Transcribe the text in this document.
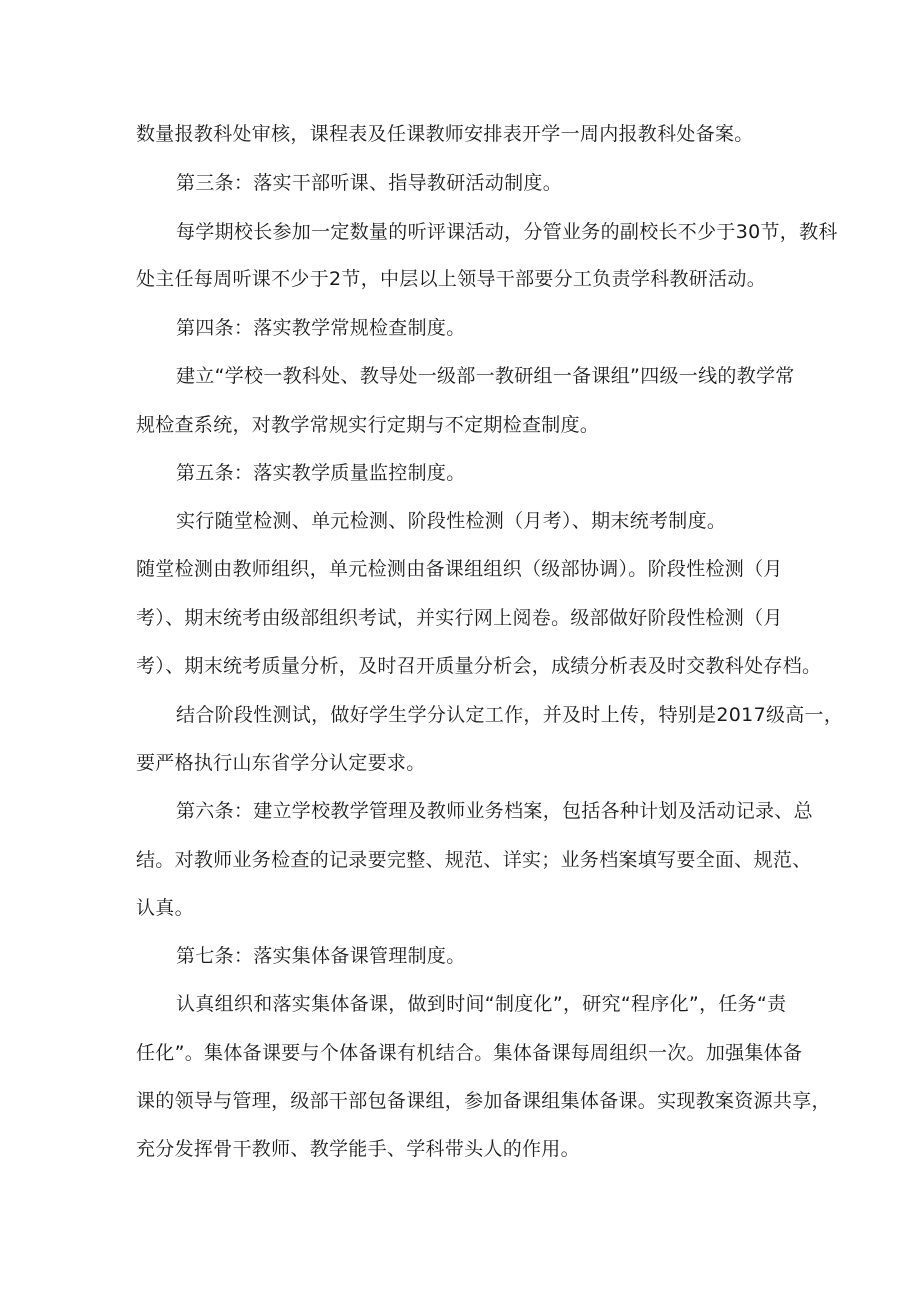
数量报教科处审核，课程表及任课教师安排表开学一周内报教科处备案。
第三条：落实干部听课、指导教研活动制度。
每学期校长参加一定数量的听评课活动，分管业务的副校长不少于30节，教科
处主任每周听课不少于2节，中层以上领导干部要分工负责学科教研活动。
第四条：落实教学常规检查制度。
建立“学校一教科处、教导处一级部一教研组一备课组”四级一线的教学常
规检查系统，对教学常规实行定期与不定期检查制度。
第五条：落实教学质量监控制度。
实行随堂检测、单元检测、阶段性检测（月考）、期末统考制度。
随堂检测由教师组织，单元检测由备课组组织（级部协调）。阶段性检测（月
考）、期末统考由级部组织考试，并实行网上阅卷。级部做好阶段性检测（月
考）、期末统考质量分析，及时召开质量分析会，成绩分析表及时交教科处存档。
结合阶段性测试，做好学生学分认定工作，并及时上传，特别是2017级高一，
要严格执行山东省学分认定要求。
第六条：建立学校教学管理及教师业务档案，包括各种计划及活动记录、总
结。对教师业务检查的记录要完整、规范、详实；业务档案填写要全面、规范、
认真。
第七条：落实集体备课管理制度。
认真组织和落实集体备课，做到时间“制度化”，研究“程序化”，任务“责
任化”。集体备课要与个体备课有机结合。集体备课每周组织一次。加强集体备
课的领导与管理，级部干部包备课组，参加备课组集体备课。实现教案资源共享，
充分发挥骨干教师、教学能手、学科带头人的作用。
